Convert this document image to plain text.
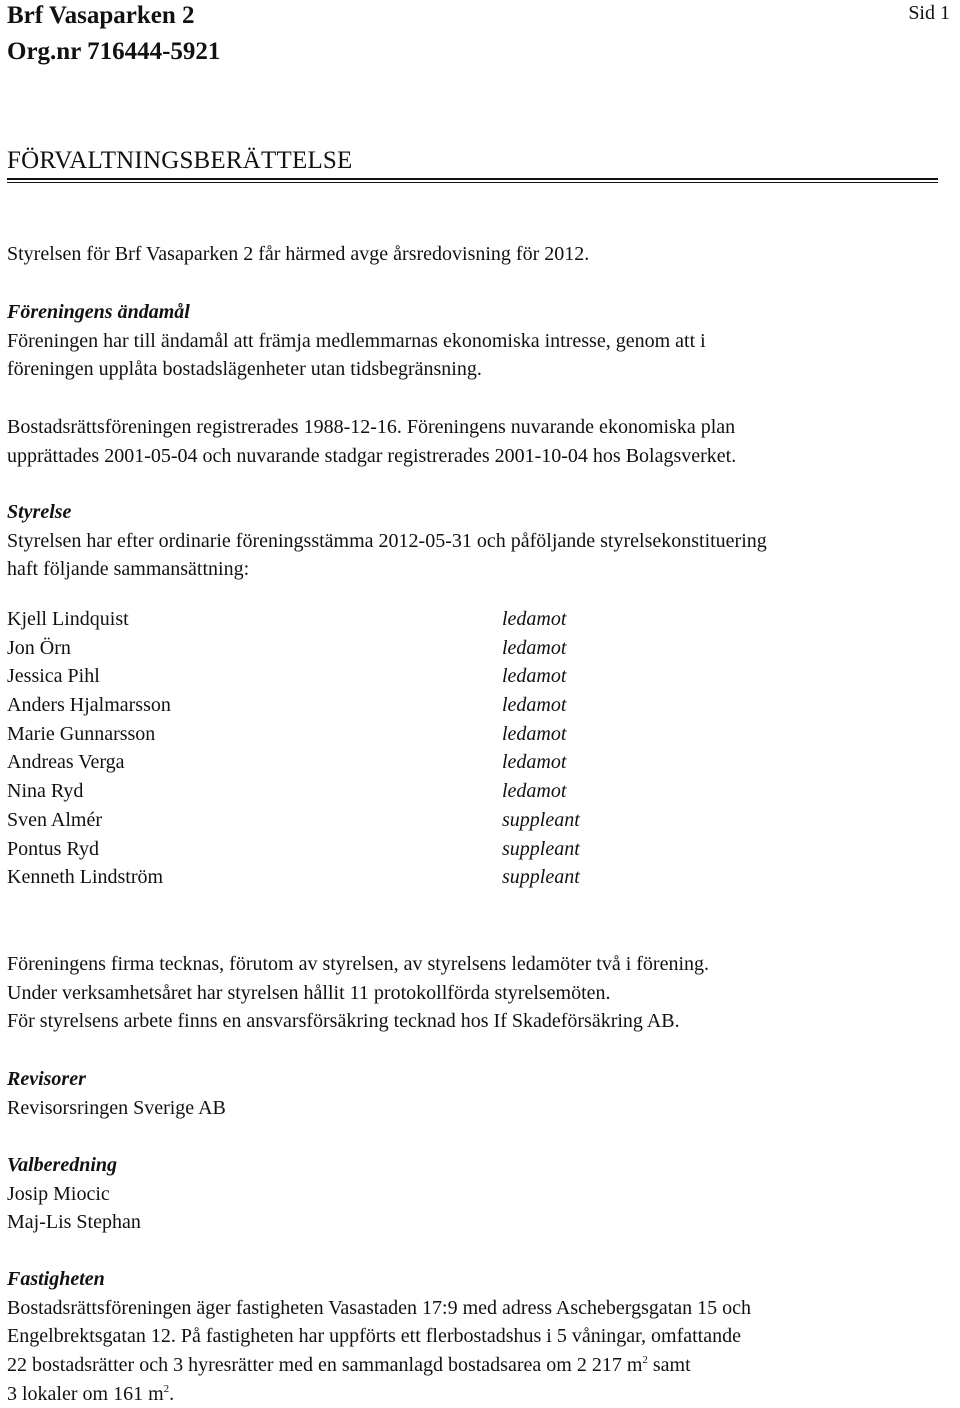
Brf Vasaparken 2
Org.nr 716444-5921
Sid 1
FÖRVALTNINGSBERÄTTELSE
Styrelsen för Brf Vasaparken 2 får härmed avge årsredovisning för 2012.
Föreningens ändamål
Föreningen har till ändamål att främja medlemmarnas ekonomiska intresse, genom att i
föreningen upplåta bostadslägenheter utan tidsbegränsning.
Bostadsrättsföreningen registrerades 1988-12-16. Föreningens nuvarande ekonomiska plan
upprättades 2001-05-04 och nuvarande stadgar registrerades 2001-10-04 hos Bolagsverket.
Styrelse
Styrelsen har efter ordinarie föreningsstämma 2012-05-31 och påföljande styrelsekonstituering
haft följande sammansättning:
Kjell Lindquist	ledamot
Jon Örn	ledamot
Jessica Pihl	ledamot
Anders Hjalmarsson	ledamot
Marie Gunnarsson	ledamot
Andreas Verga	ledamot
Nina Ryd	ledamot
Sven Almér	suppleant
Pontus Ryd	suppleant
Kenneth Lindström	suppleant
Föreningens firma tecknas, förutom av styrelsen, av styrelsens ledamöter två i förening.
Under verksamhetsåret har styrelsen hållit 11 protokollförda styrelsemöten.
För styrelsens arbete finns en ansvarsförsäkring tecknad hos If Skadeförsäkring AB.
Revisorer
Revisorsringen Sverige AB
Valberedning
Josip Miocic
Maj-Lis Stephan
Fastigheten
Bostadsrättsföreningen äger fastigheten Vasastaden 17:9 med adress Aschebergsgatan 15 och
Engelbrektsgatan 12. På fastigheten har uppförts ett flerbostadshus i 5 våningar, omfattande
22 bostadsrätter och 3 hyresrätter med en sammanlagd bostadsarea om 2 217 $m^2$ samt
3 lokaler om 161 $m^2$.
